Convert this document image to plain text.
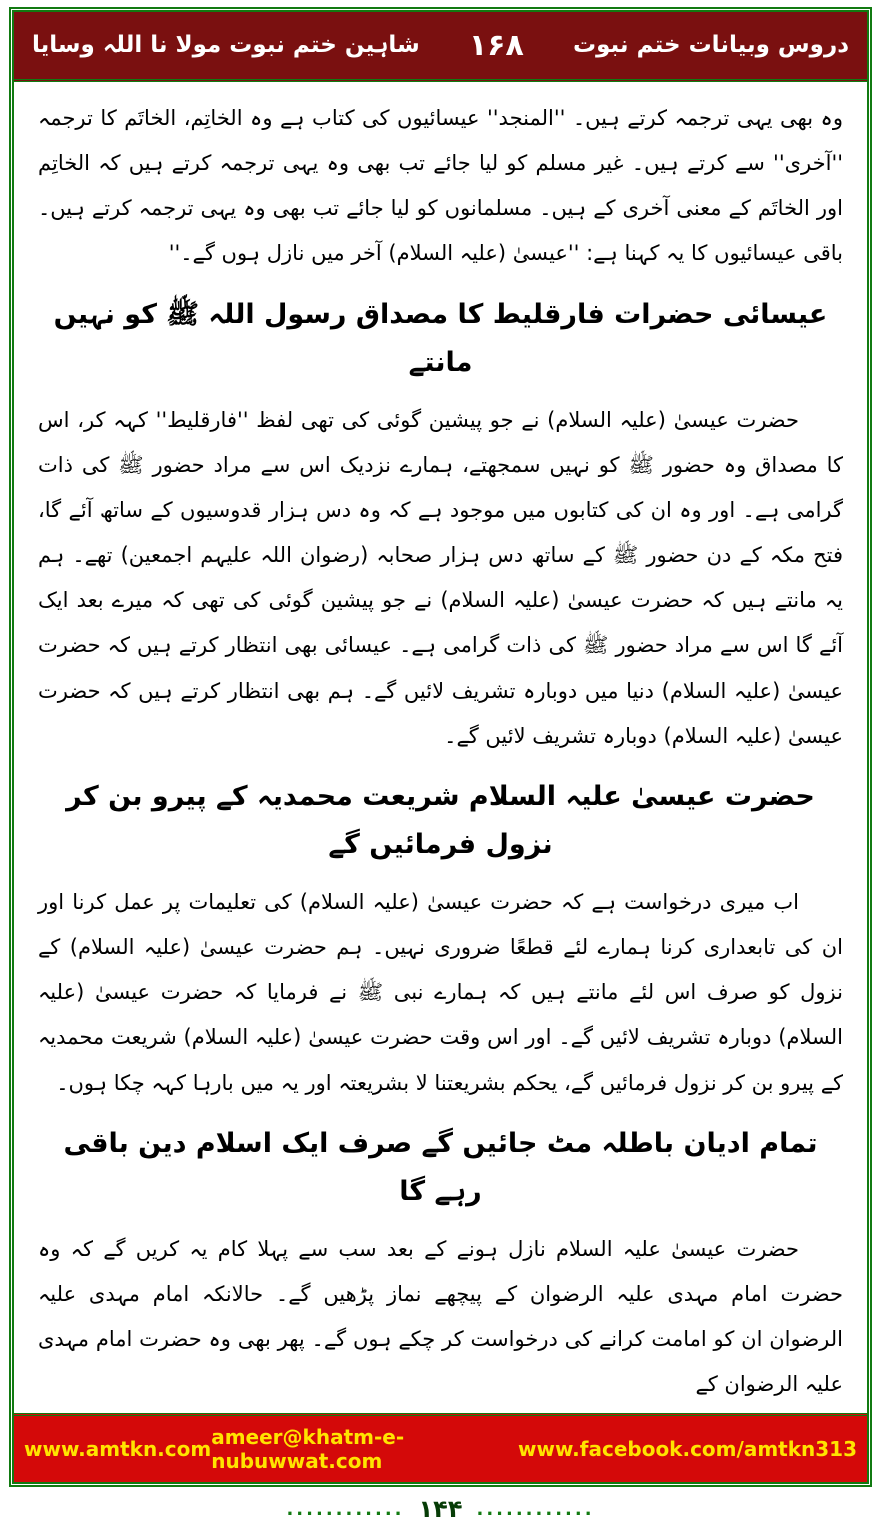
دروس وبیانات ختم نبوت
۱۶۸
شاہین ختم نبوت مولا نا اللہ وسایا

وہ بھی یہی ترجمہ کرتے ہیں۔ ''المنجد'' عیسائیوں کی کتاب ہے وہ الخاتِم، الخاتَم کا ترجمہ ''آخری'' سے کرتے ہیں۔ غیر مسلم کو لیا جائے تب بھی وہ یہی ترجمہ کرتے ہیں کہ الخاتِم اور الخاتَم کے معنی آخری کے ہیں۔ مسلمانوں کو لیا جائے تب بھی وہ یہی ترجمہ کرتے ہیں۔ باقی عیسائیوں کا یہ کہنا ہے: ''عیسیٰ (علیہ السلام) آخر میں نازل ہوں گے۔''

عیسائی حضرات فارقلیط کا مصداق رسول اللہ ﷺ کو نہیں مانتے

حضرت عیسیٰ (علیہ السلام) نے جو پیشین گوئی کی تھی لفظ ''فارقلیط'' کہہ کر، اس کا مصداق وہ حضور ﷺ کو نہیں سمجھتے، ہمارے نزدیک اس سے مراد حضور ﷺ کی ذات گرامی ہے۔ اور وہ ان کی کتابوں میں موجود ہے کہ وہ دس ہزار قدوسیوں کے ساتھ آئے گا، فتح مکہ کے دن حضور ﷺ کے ساتھ دس ہزار صحابہ (رضوان اللہ علیہم اجمعین) تھے۔ ہم یہ مانتے ہیں کہ حضرت عیسیٰ (علیہ السلام) نے جو پیشین گوئی کی تھی کہ میرے بعد ایک آئے گا اس سے مراد حضور ﷺ کی ذات گرامی ہے۔ عیسائی بھی انتظار کرتے ہیں کہ حضرت عیسیٰ (علیہ السلام) دنیا میں دوبارہ تشریف لائیں گے۔ ہم بھی انتظار کرتے ہیں کہ حضرت عیسیٰ (علیہ السلام) دوبارہ تشریف لائیں گے۔

حضرت عیسیٰ علیہ السلام شریعت محمدیہ کے پیرو بن کر نزول فرمائیں گے

اب میری درخواست ہے کہ حضرت عیسیٰ (علیہ السلام) کی تعلیمات پر عمل کرنا اور ان کی تابعداری کرنا ہمارے لئے قطعًا ضروری نہیں۔ ہم حضرت عیسیٰ (علیہ السلام) کے نزول کو صرف اس لئے مانتے ہیں کہ ہمارے نبی ﷺ نے فرمایا کہ حضرت عیسیٰ (علیہ السلام) دوبارہ تشریف لائیں گے۔ اور اس وقت حضرت عیسیٰ (علیہ السلام) شریعت محمدیہ کے پیرو بن کر نزول فرمائیں گے، یحکم بشریعتنا لا بشریعتہ اور یہ میں بارہا کہہ چکا ہوں۔

تمام ادیان باطلہ مٹ جائیں گے صرف ایک اسلام دین باقی رہے گا

حضرت عیسیٰ علیہ السلام نازل ہونے کے بعد سب سے پہلا کام یہ کریں گے کہ وہ حضرت امام مہدی علیہ الرضوان کے پیچھے نماز پڑھیں گے۔ حالانکہ امام مہدی علیہ الرضوان ان کو امامت کرانے کی درخواست کر چکے ہوں گے۔ پھر بھی وہ حضرت امام مہدی علیہ الرضوان کے

www.amtkn.com ameer@khatm-e-nubuwwat.com	www.facebook.com/amtkn313
............
۱۴۴
............
